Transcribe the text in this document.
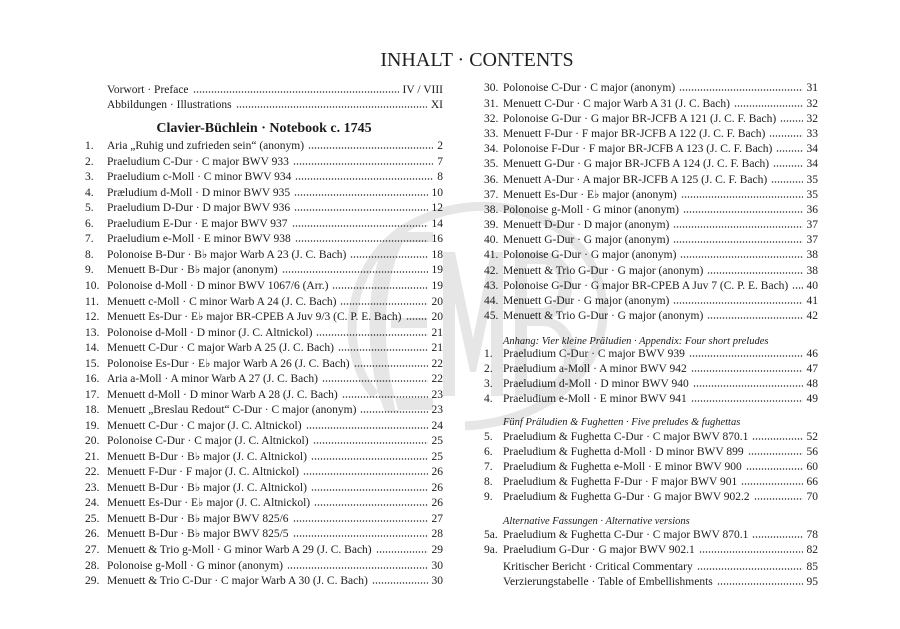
INHALT · CONTENTS
Vorwort · Preface	IV / VIII
Abbildungen · Illustrations	XI
Clavier-Büchlein · Notebook c. 1745
1.	Aria „Ruhig und zufrieden sein“ (anonym)	2
2.	Praeludium C-Dur · C major BWV 933	7
3.	Praeludium c-Moll · C minor BWV 934	8
4.	Præludium d-Moll · D minor BWV 935	10
5.	Praeludium D-Dur · D major BWV 936	12
6.	Praeludium E-Dur · E major BWV 937	14
7.	Praeludium e-Moll · E minor BWV 938	16
8.	Polonoise B-Dur · B♭ major Warb A 23 (J. C. Bach)	18
9.	Menuett B-Dur · B♭ major (anonym)	19
10. Polonoise d-Moll · D minor BWV 1067/6 (Arr.)	19
11. Menuett c-Moll · C minor Warb A 24 (J. C. Bach)	20
12. Menuett Es-Dur · E♭ major BR-CPEB A Juv 9/3 (C. P. E. Bach)	20
13. Polonoise d-Moll · D minor (J. C. Altnickol)	21
14. Menuett C-Dur · C major Warb A 25 (J. C. Bach)	21
15. Polonoise Es-Dur · E♭ major Warb A 26 (J. C. Bach)	22
16. Aria a-Moll · A minor Warb A 27 (J. C. Bach)	22
17. Menuett d-Moll · D minor Warb A 28 (J. C. Bach)	23
18. Menuett „Breslau Redout“ C-Dur · C major (anonym)	23
19. Menuett C-Dur · C major (J. C. Altnickol)	24
20. Polonoise C-Dur · C major (J. C. Altnickol)	25
21. Menuett B-Dur · B♭ major (J. C. Altnickol)	25
22. Menuett F-Dur · F major (J. C. Altnickol)	26
23. Menuett B-Dur · B♭ major (J. C. Altnickol)	26
24. Menuett Es-Dur · E♭ major (J. C. Altnickol)	26
25. Menuett B-Dur · B♭ major BWV 825/6	27
26. Menuett B-Dur · B♭ major BWV 825/5	28
27. Menuett & Trio g-Moll · G minor Warb A 29 (J. C. Bach)	29
28. Polonoise g-Moll · G minor (anonym)	30
29. Menuett & Trio C-Dur · C major Warb A 30 (J. C. Bach)	30
30. Polonoise C-Dur · C major (anonym)	31
31. Menuett C-Dur · C major Warb A 31 (J. C. Bach)	32
32. Polonoise G-Dur · G major BR-JCFB A 121 (J. C. F. Bach)	32
33. Menuett F-Dur · F major BR-JCFB A 122 (J. C. F. Bach)	33
34. Polonoise F-Dur · F major BR-JCFB A 123 (J. C. F. Bach)	34
35. Menuett G-Dur · G major BR-JCFB A 124 (J. C. F. Bach)	34
36. Menuett A-Dur · A major BR-JCFB A 125 (J. C. F. Bach)	35
37. Menuett Es-Dur · E♭ major (anonym)	35
38. Polonoise g-Moll · G minor (anonym)	36
39. Menuett D-Dur · D major (anonym)	37
40. Menuett G-Dur · G major (anonym)	37
41. Polonoise G-Dur · G major (anonym)	38
42. Menuett & Trio G-Dur · G major (anonym)	38
43. Polonoise G-Dur · G major BR-CPEB A Juv 7 (C. P. E. Bach) 40
44. Menuett G-Dur · G major (anonym)	41
45. Menuett & Trio G-Dur · G major (anonym)	42
Anhang: Vier kleine Präludien · Appendix: Four short preludes
1. Praeludium C-Dur · C major BWV 939	46
2. Praeludium a-Moll · A minor BWV 942	47
3. Praeludium d-Moll · D minor BWV 940	48
4. Praeludium e-Moll · E minor BWV 941	49
Fünf Präludien & Fughetten · Five preludes & fughettas
5. Praeludium & Fughetta C-Dur · C major BWV 870.1	52
6. Praeludium & Fughetta d-Moll · D minor BWV 899	56
7. Praeludium & Fughetta e-Moll · E minor BWV 900	60
8. Praeludium & Fughetta F-Dur · F major BWV 901	66
9. Praeludium & Fughetta G-Dur · G major BWV 902.2	70
Alternative Fassungen · Alternative versions
5a. Praeludium & Fughetta C-Dur · C major BWV 870.1	78
9a. Praeludium G-Dur · G major BWV 902.1	82
Kritischer Bericht · Critical Commentary	85
Verzierungstabelle · Table of Embellishments	95
